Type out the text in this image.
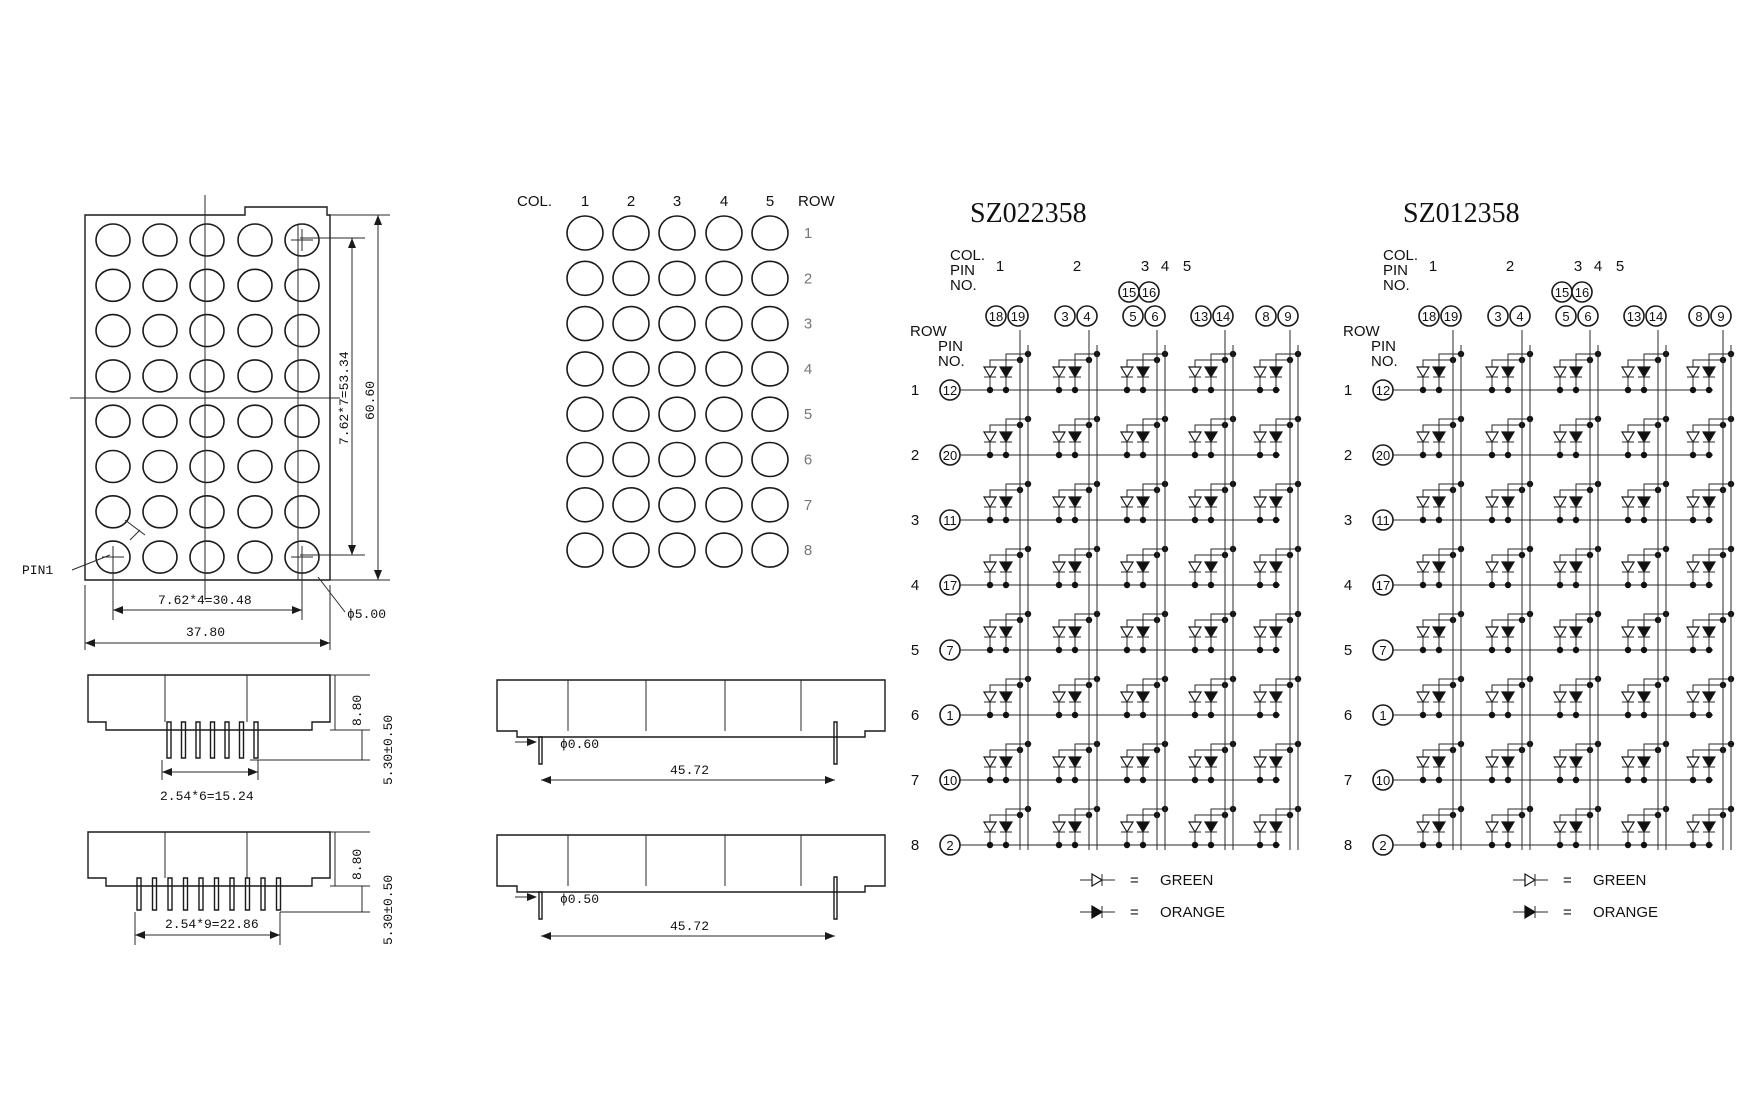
PIN1
7.62*4=30.48
37.80
ϕ5.00
7.62*7=53.34 60.60
2.54*6=15.24
8.80
5.30±0.50
2.54*9=22.86
8.80
5.30±0.50
COL.	ROW
1	2	3	4	5
1
2
3
4
5
6
7
8
ϕ0.60
45.72
ϕ0.50
45.72
SZ022358
COL.
PIN
NO.
1	2	3 4 5
15 16
18 19	3 4	5 6	13 14 8 9
ROW
PIN
NO.
1 12
2 20
3 11
4 17
5 7
6 1
7 10
8 2
= GREEN
= ORANGE
SZ012358
COL.
PIN
NO.
1	2	3 4 5
15 16
18 19	3 4	5 6	13 14 8 9
ROW
PIN
NO.
1 12
2 20
3 11
4 17
5 7
6 1
7 10
8 2
= GREEN
= ORANGE
